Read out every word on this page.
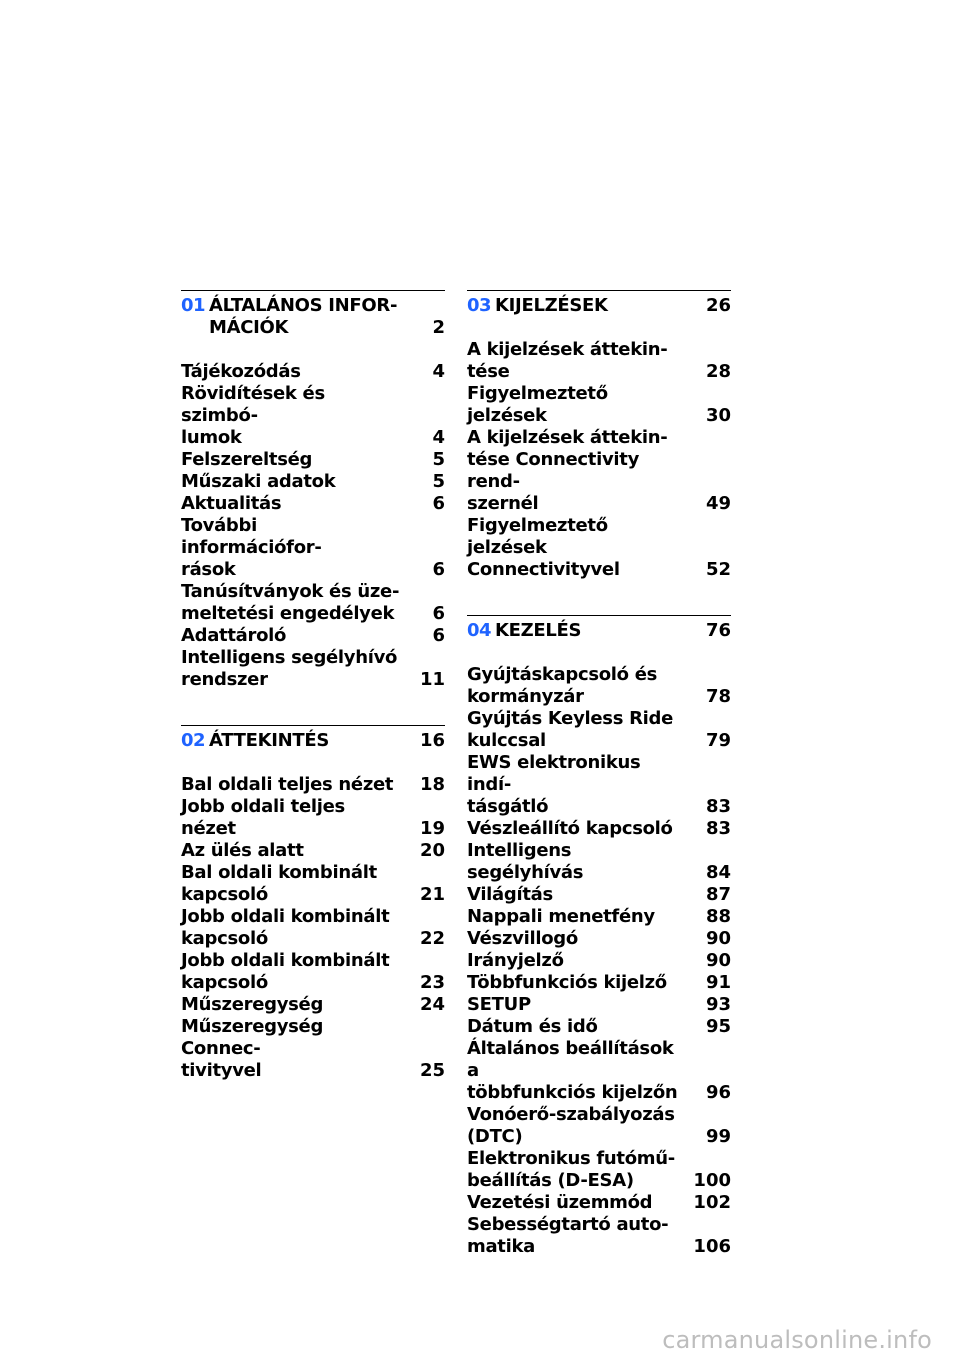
01 ÁLTALÁNOS INFOR-
MÁCIÓK	2
Tájékozódás	4
Rövidítések és szimbó-
lumok	4
Felszereltség	5
Műszaki adatok	5
Aktualitás	6
További információfor-
rások	6
Tanúsítványok és üze-
meltetési engedélyek	6
Adattároló	6
Intelligens segélyhívó
rendszer	11
02 ÁTTEKINTÉS	16
Bal oldali teljes nézet	18
Jobb oldali teljes nézet	19
Az ülés alatt	20
Bal oldali kombinált
kapcsoló	21
Jobb oldali kombinált
kapcsoló	22
Jobb oldali kombinált
kapcsoló	23
Műszeregység	24
Műszeregység Connec-
tivityvel	25
03 KIJELZÉSEK	26
A kijelzések áttekin-
tése	28
Figyelmeztető jelzések	30
A kijelzések áttekin-
tése Connectivity rend-
szernél	49
Figyelmeztető jelzések
Connectivityvel	52
04 KEZELÉS	76
Gyújtáskapcsoló és
kormányzár	78
Gyújtás Keyless Ride
kulccsal	79
EWS elektronikus indí-
tásgátló	83
Vészleállító kapcsoló	83
Intelligens segélyhívás	84
Világítás	87
Nappali menetfény	88
Vészvillogó	90
Irányjelző	90
Többfunkciós kijelző	91
SETUP	93
Dátum és idő	95
Általános beállítások a
többfunkciós kijelzőn	96
Vonóerő-szabályozás
(DTC)	99
Elektronikus futómű-
beállítás (D-ESA)	100
Vezetési üzemmód	102
Sebességtartó auto-
matika	106
carmanualsonline.info
